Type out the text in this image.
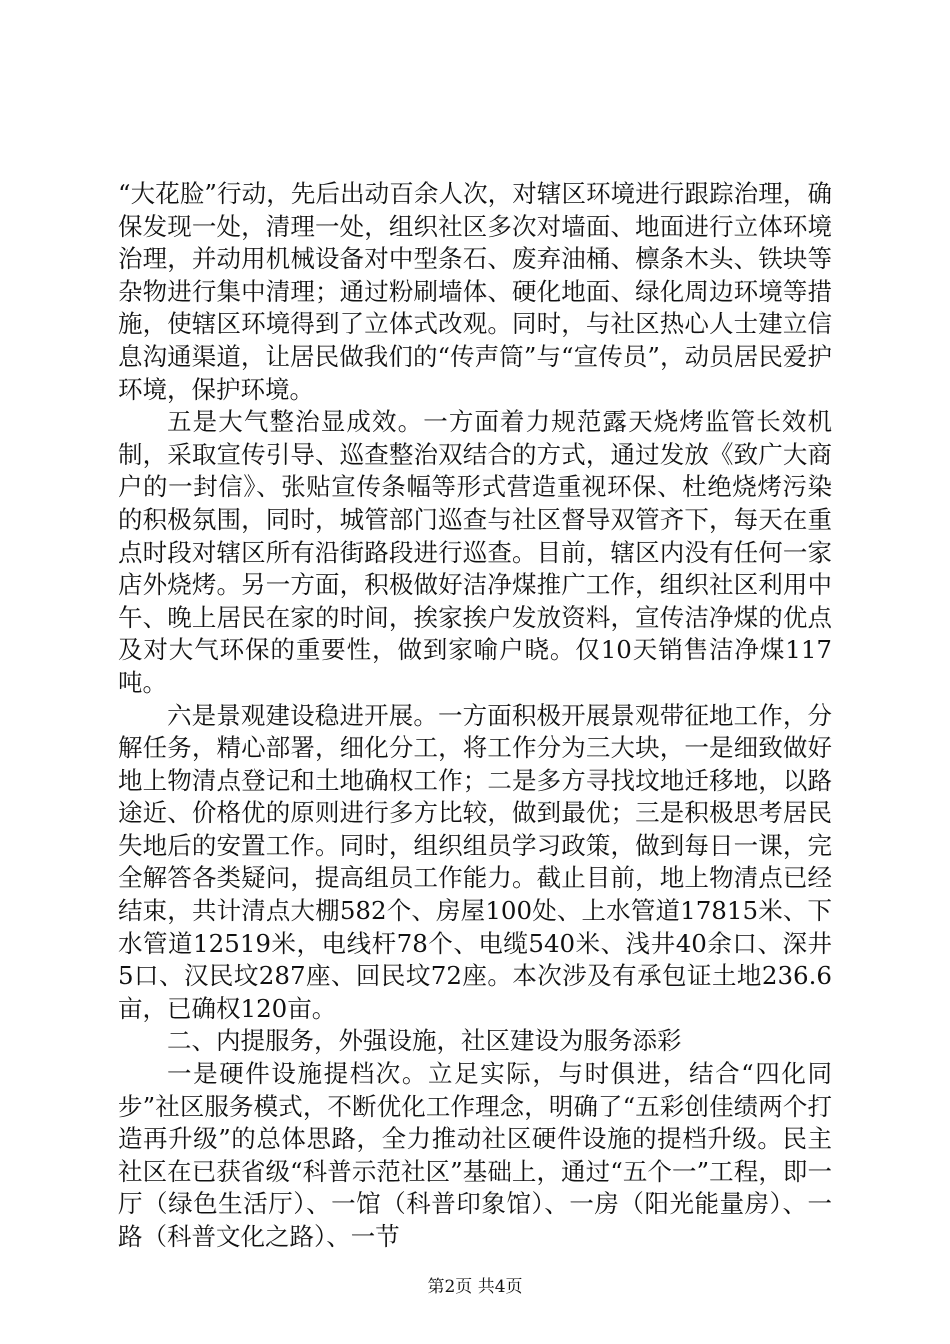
“大花脸”行动，先后出动百余人次，对辖区环境进行跟踪治理，确保发现一处，清理一处，组织社区多次对墙面、地面进行立体环境治理，并动用机械设备对中型条石、废弃油桶、檩条木头、铁块等杂物进行集中清理；通过粉刷墙体、硬化地面、绿化周边环境等措施，使辖区环境得到了立体式改观。同时，与社区热心人士建立信息沟通渠道，让居民做我们的“传声筒”与“宣传员”，动员居民爱护环境，保护环境。

五是大气整治显成效。一方面着力规范露天烧烤监管长效机制，采取宣传引导、巡查整治双结合的方式，通过发放《致广大商户的一封信》、张贴宣传条幅等形式营造重视环保、杜绝烧烤污染的积极氛围，同时，城管部门巡查与社区督导双管齐下，每天在重点时段对辖区所有沿街路段进行巡查。目前，辖区内没有任何一家店外烧烤。另一方面，积极做好洁净煤推广工作，组织社区利用中午、晚上居民在家的时间，挨家挨户发放资料，宣传洁净煤的优点及对大气环保的重要性，做到家喻户晓。仅10天销售洁净煤117吨。

六是景观建设稳进开展。一方面积极开展景观带征地工作，分解任务，精心部署，细化分工，将工作分为三大块，一是细致做好地上物清点登记和土地确权工作；二是多方寻找坟地迁移地，以路途近、价格优的原则进行多方比较，做到最优；三是积极思考居民失地后的安置工作。同时，组织组员学习政策，做到每日一课，完全解答各类疑问，提高组员工作能力。截止目前，地上物清点已经结束，共计清点大棚582个、房屋100处、上水管道17815米、下水管道12519米，电线杆78个、电缆540米、浅井40余口、深井5口、汉民坟287座、回民坟72座。本次涉及有承包证土地236.6亩，已确权120亩。

二、内提服务，外强设施，社区建设为服务添彩

一是硬件设施提档次。立足实际，与时俱进，结合“四化同步”社区服务模式，不断优化工作理念，明确了“五彩创佳绩两个打造再升级”的总体思路，全力推动社区硬件设施的提档升级。民主社区在已获省级“科普示范社区”基础上，通过“五个一”工程，即一厅（绿色生活厅）、一馆（科普印象馆）、一房（阳光能量房）、一路（科普文化之路）、一节

第2页 共4页
